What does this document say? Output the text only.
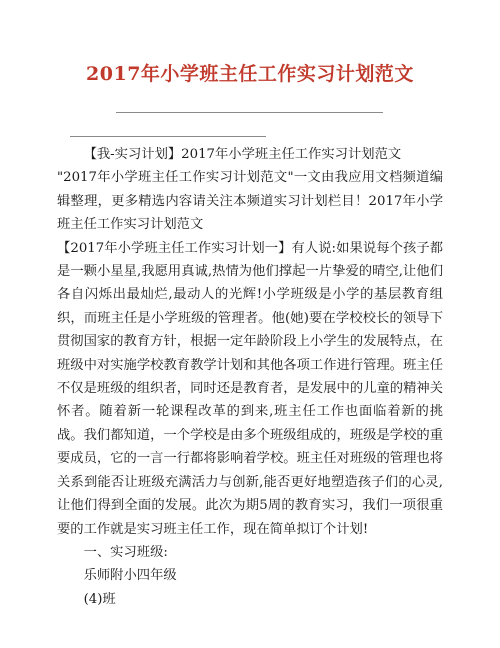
2017年小学班主任工作实习计划范文

【我-实习计划】2017年小学班主任工作实习计划范文

"2017年小学班主任工作实习计划范文"一文由我应用文档频道编辑整理，更多精选内容请关注本频道实习计划栏目！2017年小学班主任工作实习计划范文

【2017年小学班主任工作实习计划一】有人说:如果说每个孩子都是一颗小星星,我愿用真诚,热情为他们撑起一片挚爱的晴空,让他们各自闪烁出最灿烂,最动人的光辉!小学班级是小学的基层教育组织，而班主任是小学班级的管理者。他(她)要在学校校长的领导下贯彻国家的教育方针，根据一定年龄阶段上小学生的发展特点，在班级中对实施学校教育教学计划和其他各项工作进行管理。班主任不仅是班级的组织者，同时还是教育者，是发展中的儿童的精神关怀者。随着新一轮课程改革的到来,班主任工作也面临着新的挑战。我们都知道，一个学校是由多个班级组成的，班级是学校的重要成员，它的一言一行都将影响着学校。班主任对班级的管理也将关系到能否让班级充满活力与创新,能否更好地塑造孩子们的心灵,让他们得到全面的发展。此次为期5周的教育实习，我们一项很重要的工作就是实习班主任工作，现在简单拟订个计划!

一、实习班级:

乐师附小四年级

(4)班
